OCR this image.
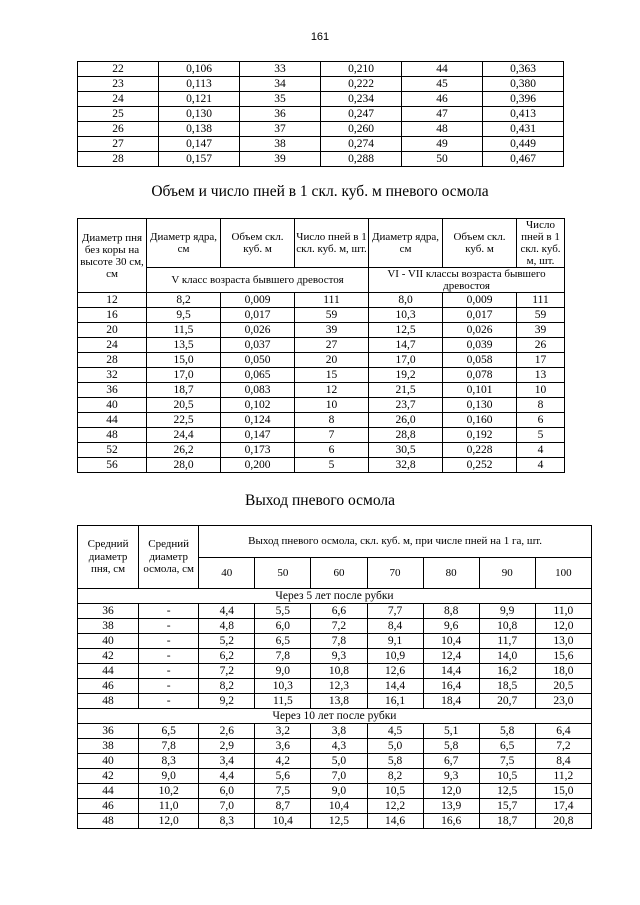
161
22	0,106	33	0,210	44	0,363
23	0,113	34	0,222	45	0,380
24	0,121	35	0,234	46	0,396
25	0,130	36	0,247	47	0,413
26	0,138	37	0,260	48	0,431
27	0,147	38	0,274	49	0,449
28	0,157	39	0,288	50	0,467
Объем и число пней в 1 скл. куб. м пневого осмола
Диаметр пня без коры на высоте 30 см, см	Диаметр ядра, см	Объем скл. куб. м	Число пней в 1 скл. куб. м, шт.	Диаметр ядра, см	Объем скл. куб. м	Число пней в 1 скл. куб. м, шт.
	V класс возраста бывшего древостоя			VI - VII классы возраста бывшего древостоя		
12	8,2	0,009	111	8,0	0,009	111
16	9,5	0,017	59	10,3	0,017	59
20	11,5	0,026	39	12,5	0,026	39
24	13,5	0,037	27	14,7	0,039	26
28	15,0	0,050	20	17,0	0,058	17
32	17,0	0,065	15	19,2	0,078	13
36	18,7	0,083	12	21,5	0,101	10
40	20,5	0,102	10	23,7	0,130	8
44	22,5	0,124	8	26,0	0,160	6
48	24,4	0,147	7	28,8	0,192	5
52	26,2	0,173	6	30,5	0,228	4
56	28,0	0,200	5	32,8	0,252	4
Выход пневого осмола
Средний диаметр пня, см	Средний диаметр осмола, см	Выход пневого осмола, скл. куб. м, при числе пней на 1 га, шт.						
		40	50	60	70	80	90	100
Через 5 лет после рубки								
36	-	4,4	5,5	6,6	7,7	8,8	9,9	11,0
38	-	4,8	6,0	7,2	8,4	9,6	10,8	12,0
40	-	5,2	6,5	7,8	9,1	10,4	11,7	13,0
42	-	6,2	7,8	9,3	10,9	12,4	14,0	15,6
44	-	7,2	9,0	10,8	12,6	14,4	16,2	18,0
46	-	8,2	10,3	12,3	14,4	16,4	18,5	20,5
48	-	9,2	11,5	13,8	16,1	18,4	20,7	23,0
Через 10 лет после рубки								
36	6,5	2,6	3,2	3,8	4,5	5,1	5,8	6,4
38	7,8	2,9	3,6	4,3	5,0	5,8	6,5	7,2
40	8,3	3,4	4,2	5,0	5,8	6,7	7,5	8,4
42	9,0	4,4	5,6	7,0	8,2	9,3	10,5	11,2
44	10,2	6,0	7,5	9,0	10,5	12,0	12,5	15,0
46	11,0	7,0	8,7	10,4	12,2	13,9	15,7	17,4
48	12,0	8,3	10,4	12,5	14,6	16,6	18,7	20,8
